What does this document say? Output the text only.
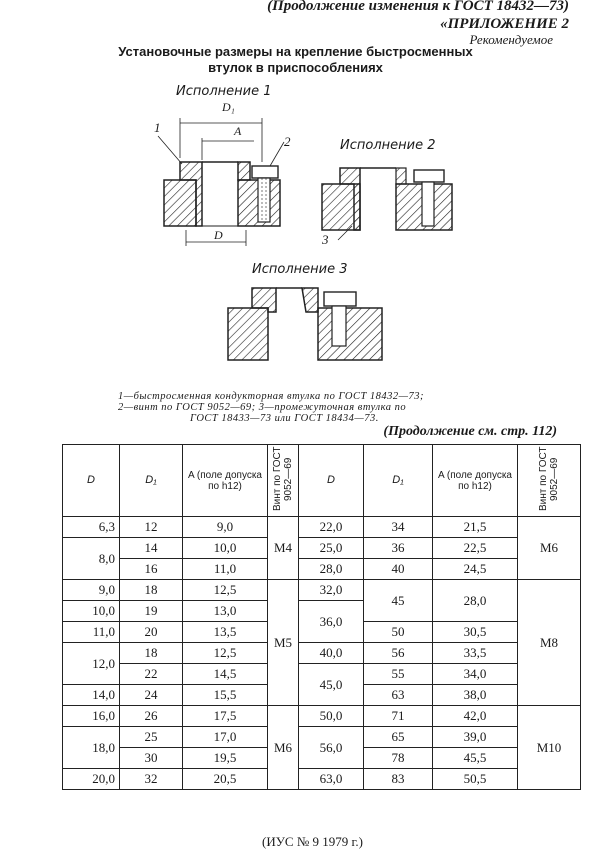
(Продолжение изменения к ГОСТ 18432—73)
«ПРИЛОЖЕНИЕ 2
Рекомендуемое
Установочные размеры на крепление быстросменных
втулок в приспособлениях
Исполнение 1
D₁
A
D
1
2	Исполнение 2
3
Исполнение 3
1—быстросменная кондукторная втулка по ГОСТ 18432—73;
2—винт по ГОСТ 9052—69; 3—промежуточная втулка по
ГОСТ 18433—73 или ГОСТ 18434—73.
(Продолжение см. стр. 112)
D	D₁	A (поле допуска по h12)	Винт по ГОСТ 9052—69	D	D₁	A (поле допуска по h12)	Винт по ГОСТ 9052—69
6,3	12	9,0	M4	22,0	34	21,5	M6
8,0	14	10,0		25,0	36	22,5	
	16	11,0		28,0	40	24,5	
9,0	18	12,5	M5	32,0	45	28,0	M8
10,0	19	13,0		36,0			
11,0	20	13,5			50	30,5	
12,0	18	12,5		40,0	56	33,5	
	22	14,5		45,0	55	34,0	
14,0	24	15,5			63	38,0	
16,0	26	17,5	M6	50,0	71	42,0	M10
18,0	25	17,0		56,0	65	39,0	
	30	19,5			78	45,5	
20,0	32	20,5		63,0	83	50,5	
(ИУС № 9 1979 г.)
